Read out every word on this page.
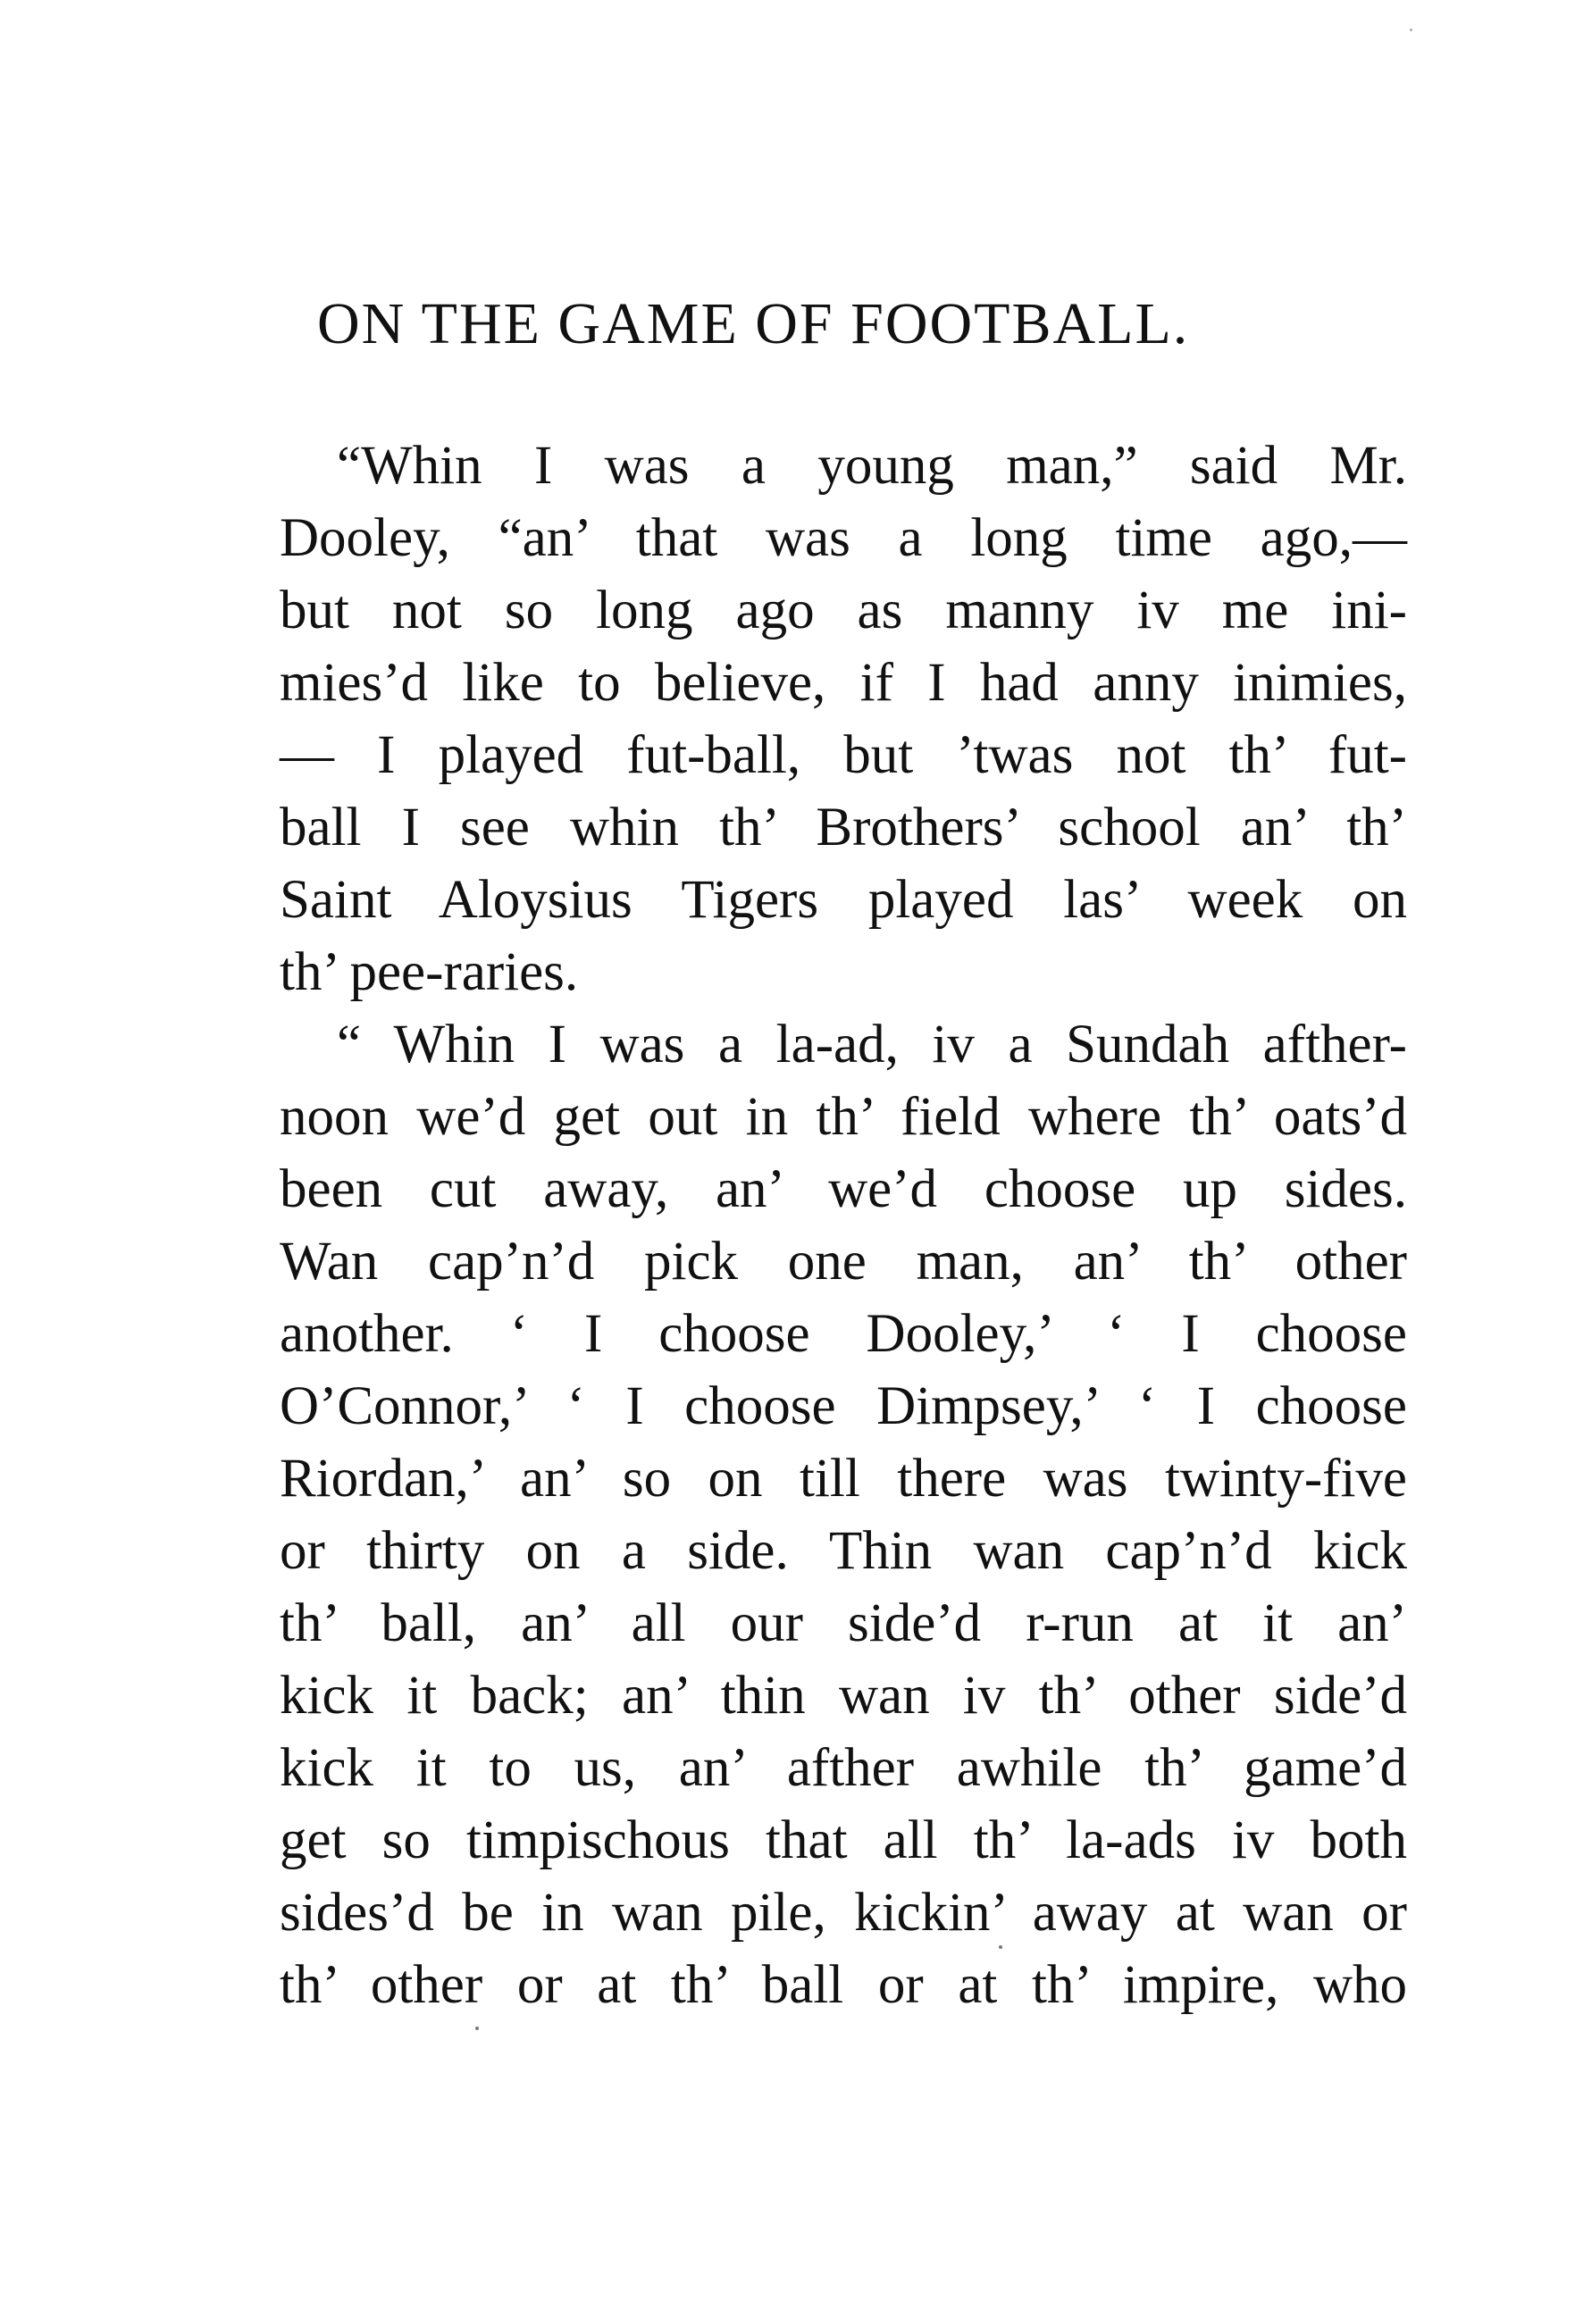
ON THE GAME OF FOOTBALL.
“Whin I was a young man,” said Mr.
Dooley, “an’ that was a long time ago,—
but not so long ago as manny iv me ini-
mies’d like to believe, if I had anny inimies,
— I played fut-ball, but ’twas not th’ fut-
ball I see whin th’ Brothers’ school an’ th’
Saint Aloysius Tigers played las’ week on
th’ pee-raries.
“ Whin I was a la-ad, iv a Sundah afther-
noon we’d get out in th’ field where th’ oats’d
been cut away, an’ we’d choose up sides.
Wan cap’n’d pick one man, an’ th’ other
another. ‘ I choose Dooley,’ ‘ I choose
O’Connor,’ ‘ I choose Dimpsey,’ ‘ I choose
Riordan,’ an’ so on till there was twinty-five
or thirty on a side. Thin wan cap’n’d kick
th’ ball, an’ all our side’d r-run at it an’
kick it back; an’ thin wan iv th’ other side’d
kick it to us, an’ afther awhile th’ game’d
get so timpischous that all th’ la-ads iv both
sides’d be in wan pile, kickin’ away at wan or
th’ other or at th’ ball or at th’ impire, who
